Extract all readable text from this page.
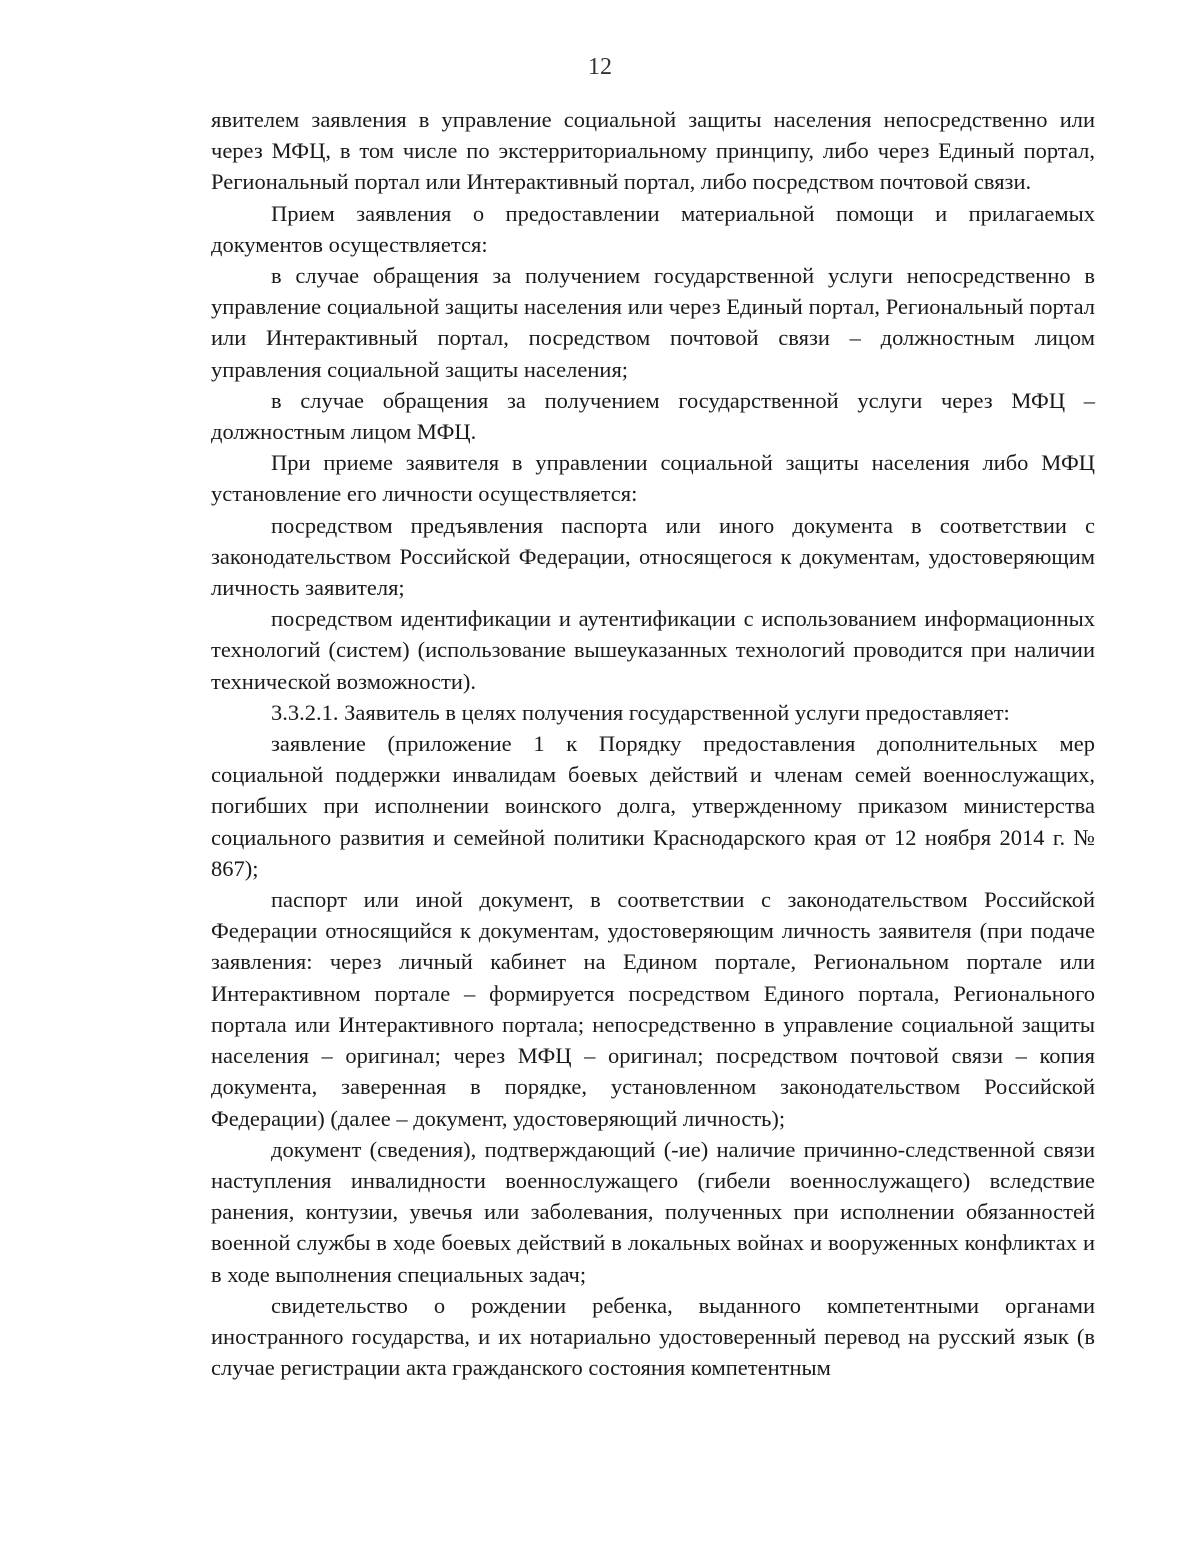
12

явителем заявления в управление социальной защиты населения непосредственно или через МФЦ, в том числе по экстерриториальному принципу, либо через Единый портал, Региональный портал или Интерактивный портал, либо посредством почтовой связи.

Прием заявления о предоставлении материальной помощи и прилагаемых документов осуществляется:

в случае обращения за получением государственной услуги непосредственно в управление социальной защиты населения или через Единый портал, Региональный портал или Интерактивный портал, посредством почтовой связи – должностным лицом управления социальной защиты населения;

в случае обращения за получением государственной услуги через МФЦ – должностным лицом МФЦ.

При приеме заявителя в управлении социальной защиты населения либо МФЦ установление его личности осуществляется:

посредством предъявления паспорта или иного документа в соответствии с законодательством Российской Федерации, относящегося к документам, удостоверяющим личность заявителя;

посредством идентификации и аутентификации с использованием информационных технологий (систем) (использование вышеуказанных технологий проводится при наличии технической возможности).

3.3.2.1. Заявитель в целях получения государственной услуги предоставляет:

заявление (приложение 1 к Порядку предоставления дополнительных мер социальной поддержки инвалидам боевых действий и членам семей военнослужащих, погибших при исполнении воинского долга, утвержденному приказом министерства социального развития и семейной политики Краснодарского края от 12 ноября 2014 г. № 867);

паспорт или иной документ, в соответствии с законодательством Российской Федерации относящийся к документам, удостоверяющим личность заявителя (при подаче заявления: через личный кабинет на Едином портале, Региональном портале или Интерактивном портале – формируется посредством Единого портала, Регионального портала или Интерактивного портала; непосредственно в управление социальной защиты населения – оригинал; через МФЦ – оригинал; посредством почтовой связи – копия документа, заверенная в порядке, установленном законодательством Российской Федерации) (далее – документ, удостоверяющий личность);

документ (сведения), подтверждающий (-ие) наличие причинно-следственной связи наступления инвалидности военнослужащего (гибели военнослужащего) вследствие ранения, контузии, увечья или заболевания, полученных при исполнении обязанностей военной службы в ходе боевых действий в локальных войнах и вооруженных конфликтах и в ходе выполнения специальных задач;

свидетельство о рождении ребенка, выданного компетентными органами иностранного государства, и их нотариально удостоверенный перевод на русский язык (в случае регистрации акта гражданского состояния компетентным
